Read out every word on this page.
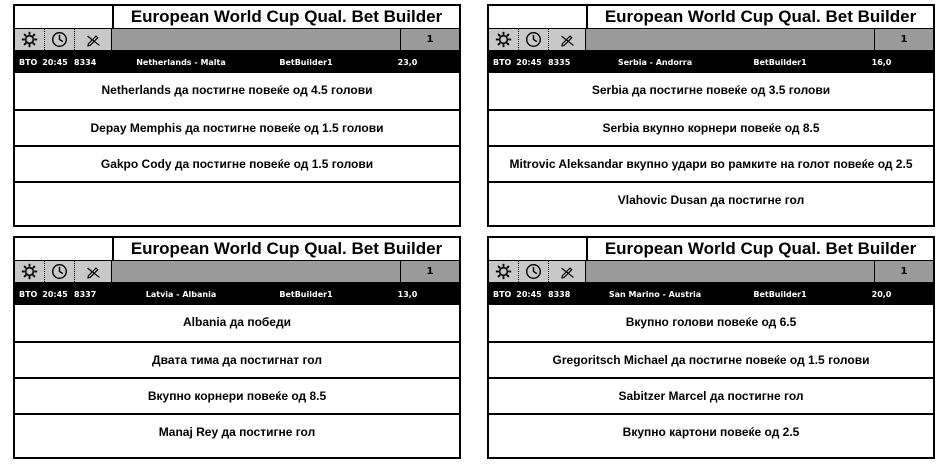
European World Cup Qual. Bet Builder
1
ВТО 20:45 8334	Netherlands - Malta	BetBuilder1	23,0
Netherlands да постигне повеќе од 4.5 голови
Depay Memphis да постигне повеќе од 1.5 голови
Gakpo Cody да постигне повеќе од 1.5 голови
European World Cup Qual. Bet Builder
1
ВТО 20:45 8335	Serbia - Andorra	BetBuilder1	16,0
Serbia да постигне повеќе од 3.5 голови
Serbia вкупно корнери повеќе од 8.5
Mitrovic Aleksandar вкупно удари во рамките на голот повеќе од 2.5
Vlahovic Dusan да постигне гол
European World Cup Qual. Bet Builder
1
ВТО 20:45 8337	Latvia - Albania	BetBuilder1	13,0
Albania да победи
Двата тима да постигнат гол
Вкупно корнери повеќе од 8.5
Manaj Rey да постигне гол
European World Cup Qual. Bet Builder
1
ВТО 20:45 8338	San Marino - Austria	BetBuilder1	20,0
Вкупно голови повеќе од 6.5
Gregoritsch Michael да постигне повеќе од 1.5 голови
Sabitzer Marcel да постигне гол
Вкупно картони повеќе од 2.5
